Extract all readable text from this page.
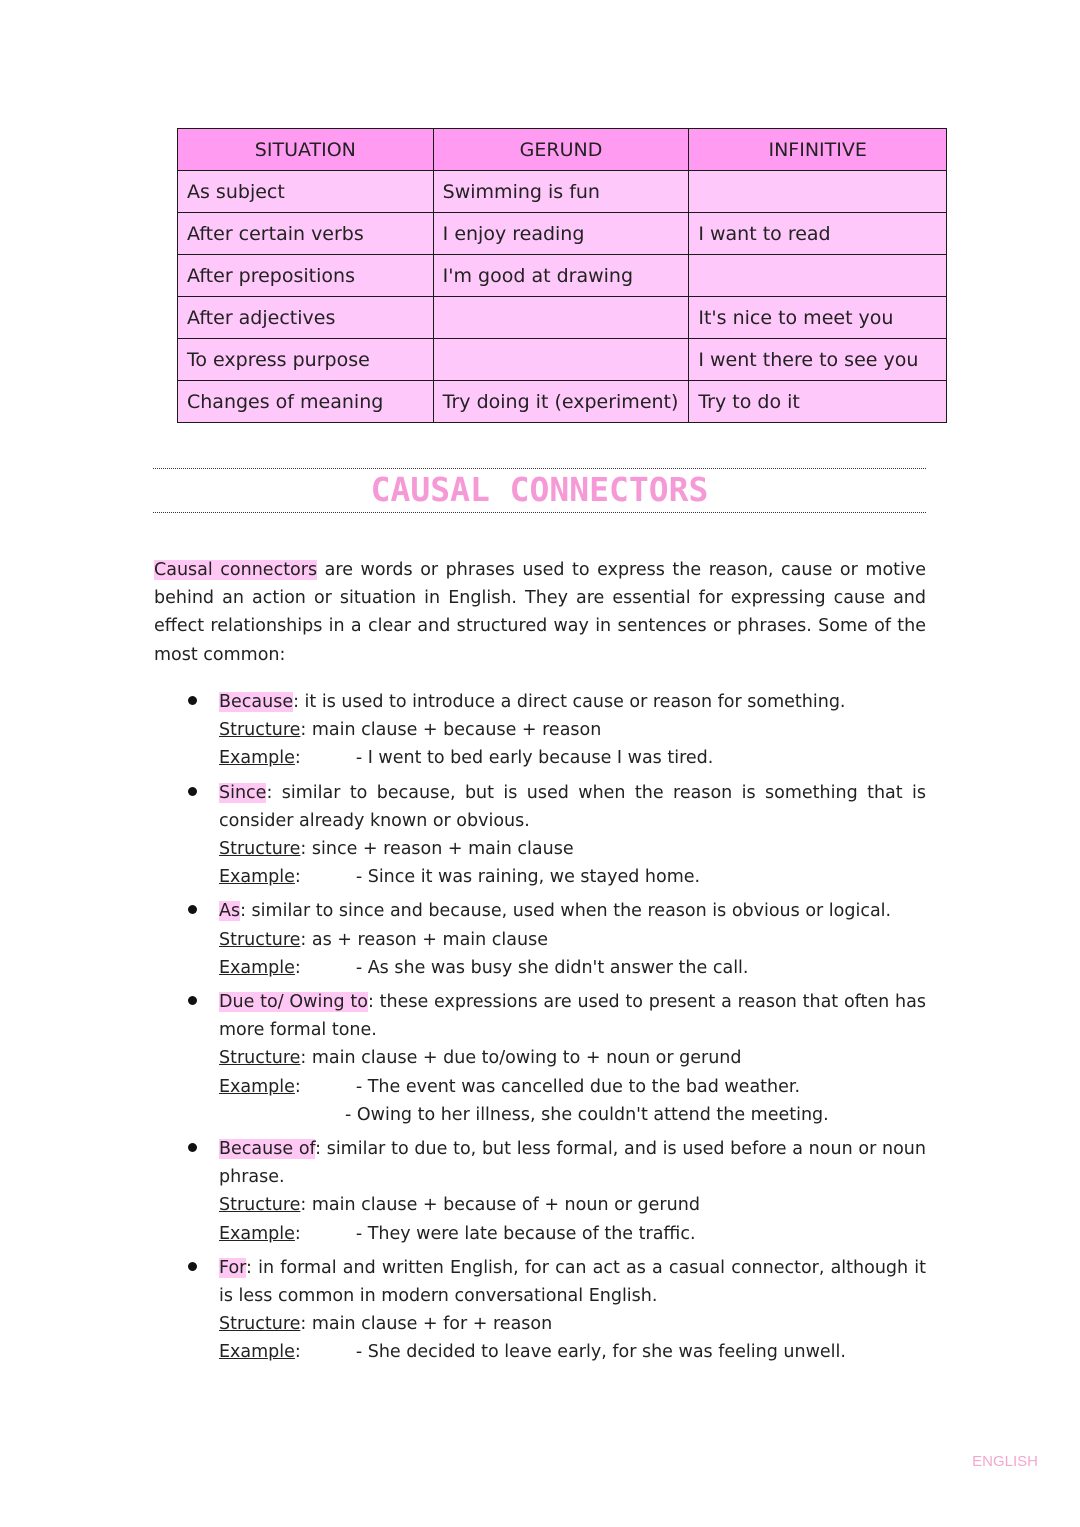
SITUATION	GERUND	INFINITIVE
As subject	Swimming is fun	
After certain verbs	I enjoy reading	I want to read
After prepositions	I'm good at drawing	
After adjectives		It's nice to meet you
To express purpose		I went there to see you
Changes of meaning	Try doing it (experiment)	Try to do it
CAUSAL CONNECTORS
Causal connectors are words or phrases used to express the reason, cause or motive behind an action or situation in English. They are essential for expressing cause and effect relationships in a clear and structured way in sentences or phrases. Some of the most common:
Because: it is used to introduce a direct cause or reason for something.
Structure: main clause + because + reason
Example:	- I went to bed early because I was tired.
Since: similar to because, but is used when the reason is something that is consider already known or obvious.
Structure: since + reason + main clause
Example:	- Since it was raining, we stayed home.
As: similar to since and because, used when the reason is obvious or logical.
Structure: as + reason + main clause
Example:	- As she was busy she didn't answer the call.
Due to/ Owing to: these expressions are used to present a reason that often has more formal tone.
Structure: main clause + due to/owing to + noun or gerund
Example:	- The event was cancelled due to the bad weather.
- Owing to her illness, she couldn't attend the meeting.
Because of: similar to due to, but less formal, and is used before a noun or noun phrase.
Structure: main clause + because of + noun or gerund
Example:	- They were late because of the traffic.
For: in formal and written English, for can act as a casual connector, although it is less common in modern conversational English.
Structure: main clause + for + reason
Example:	- She decided to leave early, for she was feeling unwell.
ENGLISH
